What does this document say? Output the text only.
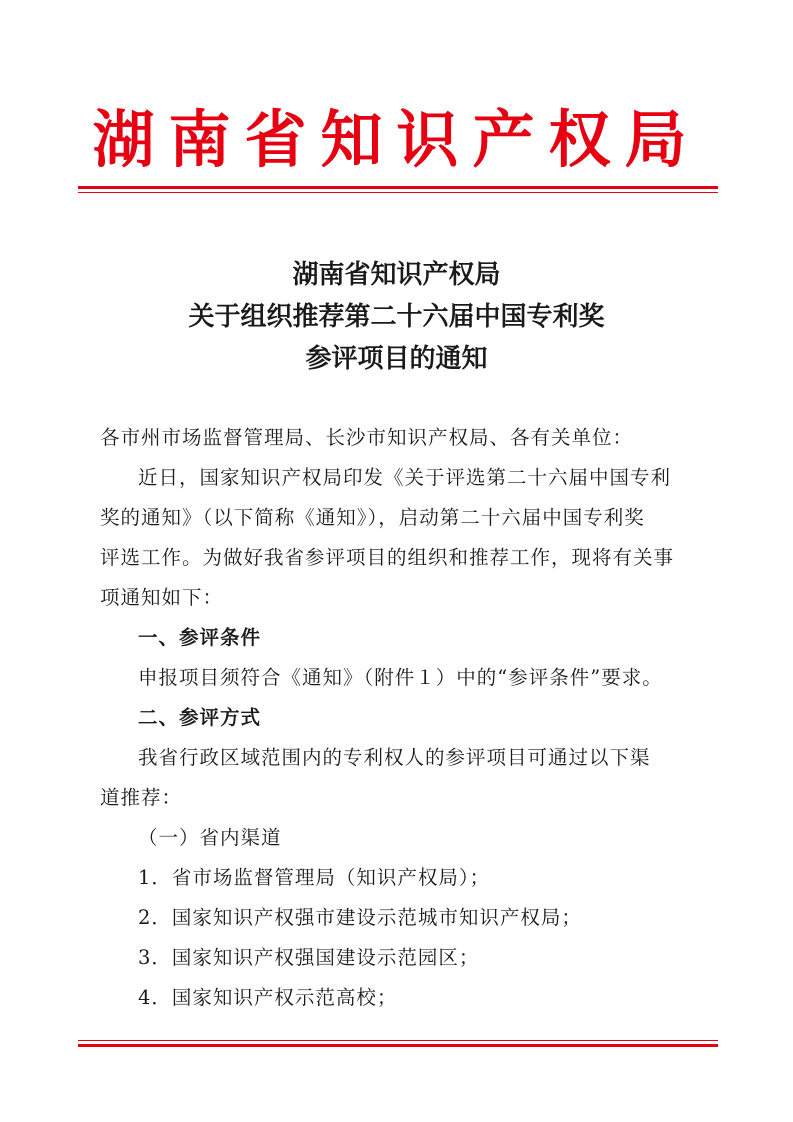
湖南省知识产权局
湖南省知识产权局
关于组织推荐第二十六届中国专利奖
参评项目的通知
各市州市场监督管理局、长沙市知识产权局、各有关单位：
近日，国家知识产权局印发《关于评选第二十六届中国专利
奖的通知》（以下简称《通知》），启动第二十六届中国专利奖
评选工作。为做好我省参评项目的组织和推荐工作，现将有关事
项通知如下：
一、参评条件
申报项目须符合《通知》（附件１）中的“参评条件”要求。
二、参评方式
我省行政区域范围内的专利权人的参评项目可通过以下渠
道推荐：
（一）省内渠道
1．省市场监督管理局（知识产权局）；
2．国家知识产权强市建设示范城市知识产权局；
3．国家知识产权强国建设示范园区；
4．国家知识产权示范高校；
